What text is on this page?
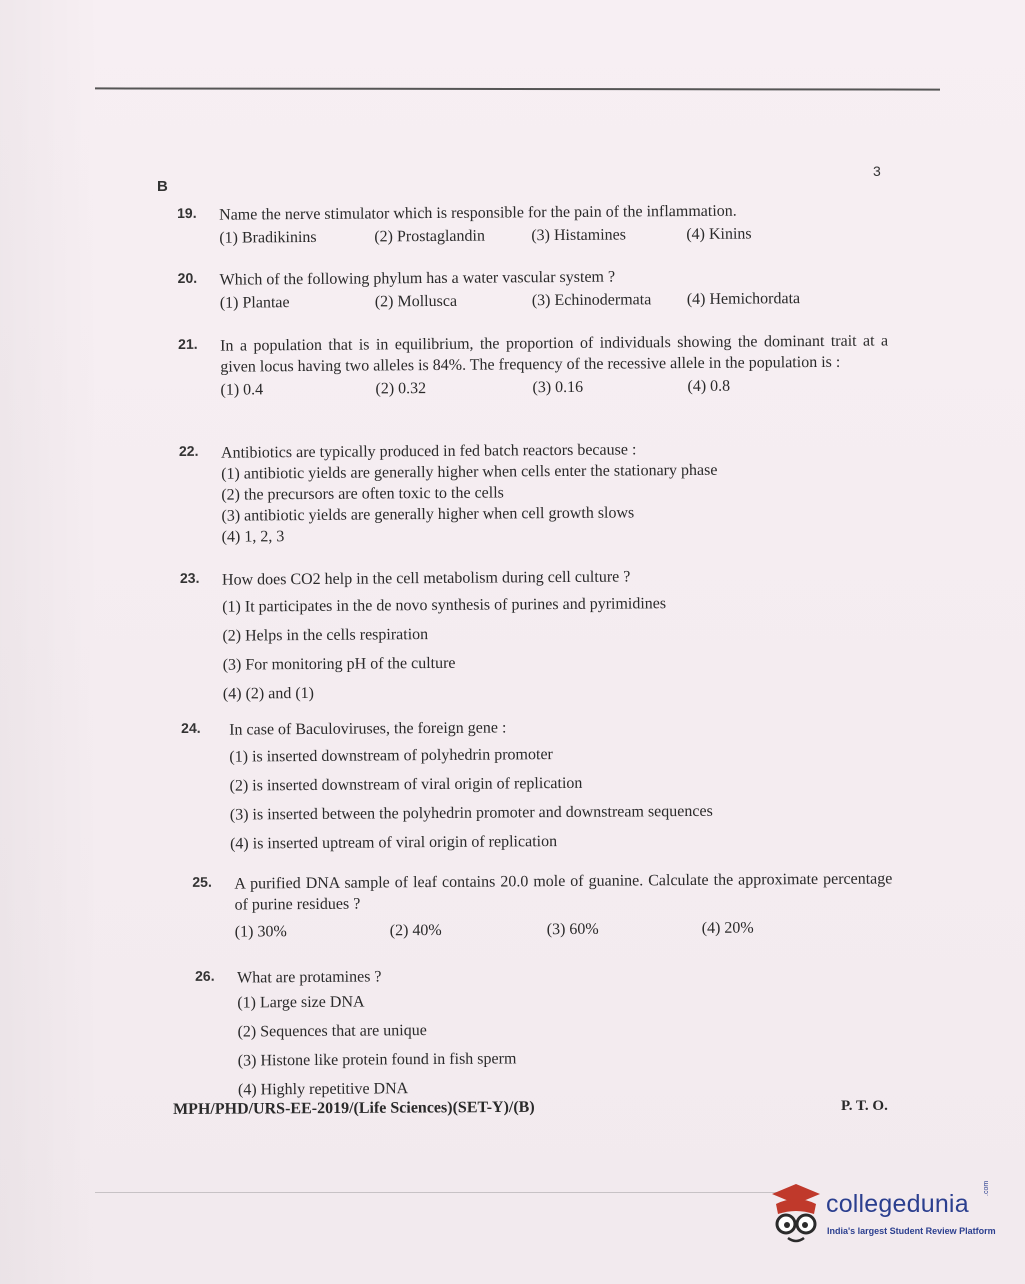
B
3
19. Name the nerve stimulator which is responsible for the pain of the inflammation.
(1) Bradikinins	(2) Prostaglandin	(3) Histamines	(4) Kinins
20. Which of the following phylum has a water vascular system ?
(1) Plantae	(2) Mollusca	(3) Echinodermata	(4) Hemichordata
21. In a population that is in equilibrium, the proportion of individuals showing the dominant trait at a given locus having two alleles is 84%. The frequency of the recessive allele in the population is :
(1) 0.4	(2) 0.32	(3) 0.16	(4) 0.8
22. Antibiotics are typically produced in fed batch reactors because :
(1) antibiotic yields are generally higher when cells enter the stationary phase
(2) the precursors are often toxic to the cells
(3) antibiotic yields are generally higher when cell growth slows
(4) 1, 2, 3
23. How does CO2 help in the cell metabolism during cell culture ?
(1) It participates in the de novo synthesis of purines and pyrimidines
(2) Helps in the cells respiration
(3) For monitoring pH of the culture
(4) (2) and (1)
24. In case of Baculoviruses, the foreign gene :
(1) is inserted downstream of polyhedrin promoter
(2) is inserted downstream of viral origin of replication
(3) is inserted between the polyhedrin promoter and downstream sequences
(4) is inserted uptream of viral origin of replication
25. A purified DNA sample of leaf contains 20.0 mole of guanine. Calculate the approximate percentage of purine residues ?
(1) 30%	(2) 40%	(3) 60%	(4) 20%
26. What are protamines ?
(1) Large size DNA
(2) Sequences that are unique
(3) Histone like protein found in fish sperm
(4) Highly repetitive DNA
MPH/PHD/URS-EE-2019/(Life Sciences)(SET-Y)/(B)	P. T. O.
collegedunia
.com
India's largest Student Review Platform
